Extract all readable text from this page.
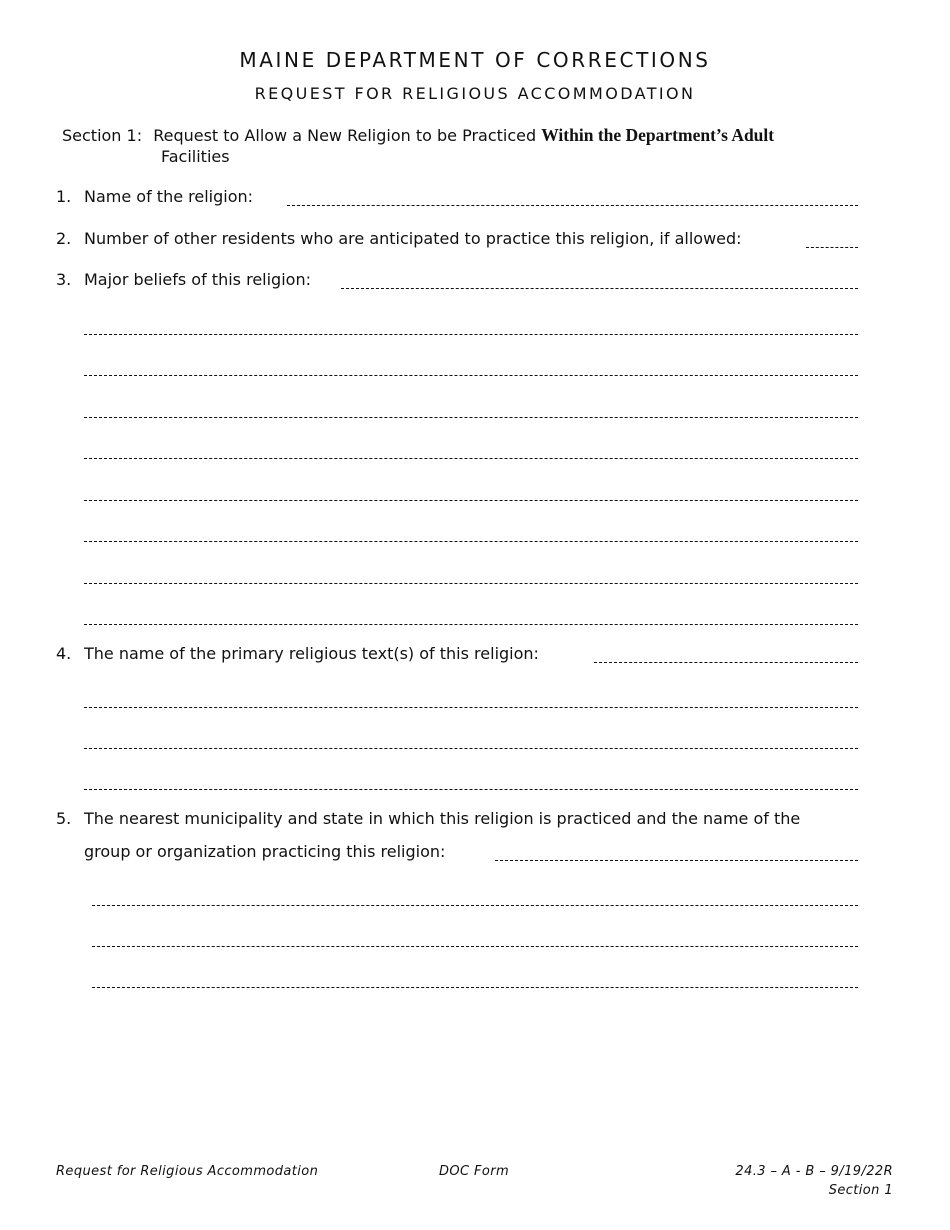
MAINE DEPARTMENT OF CORRECTIONS
REQUEST FOR RELIGIOUS ACCOMMODATION
Section 1: Request to Allow a New Religion to be Practiced Within the Department’s Adult
Facilities
1. Name of the religion:
2. Number of other residents who are anticipated to practice this religion, if allowed:
3. Major beliefs of this religion:
4. The name of the primary religious text(s) of this religion:
5. The nearest municipality and state in which this religion is practiced and the name of the
group or organization practicing this religion:
Request for Religious Accommodation	DOC Form	24.3 – A - B – 9/19/22R
Section 1
